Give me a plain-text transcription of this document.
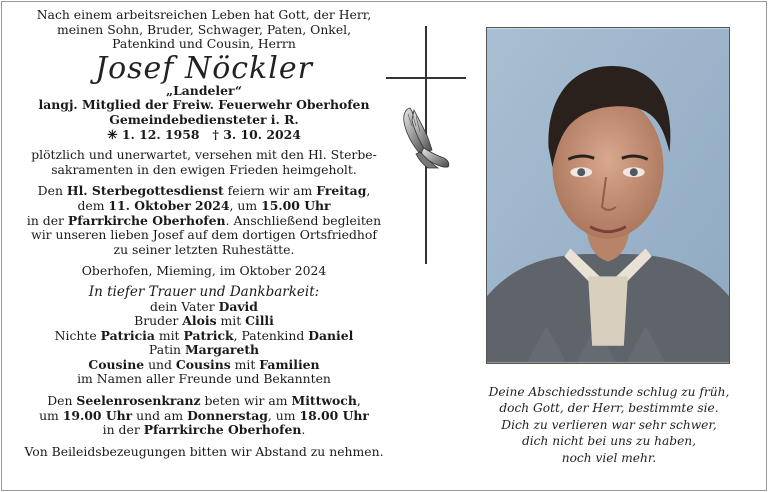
Nach einem arbeitsreichen Leben hat Gott, der Herr,

meinen Sohn, Bruder, Schwager, Paten, Onkel,

Patenkind und Cousin, Herrn

Josef Nöckler

„Landeler“

langj. Mitglied der Freiw. Feuerwehr Oberhofen

Gemeindebediensteter i. R.

✳ 1. 12. 1958 † 3. 10. 2024

plötzlich und unerwartet, versehen mit den Hl. Sterbe-

sakramenten in den ewigen Frieden heimgeholt.

Den Hl. Sterbegottesdienst feiern wir am Freitag,

dem 11. Oktober 2024, um 15.00 Uhr

in der Pfarrkirche Oberhofen. Anschließend begleiten

wir unseren lieben Josef auf dem dortigen Ortsfriedhof

zu seiner letzten Ruhestätte.

Oberhofen, Mieming, im Oktober 2024

In tiefer Trauer und Dankbarkeit:

dein Vater David

Bruder Alois mit Cilli

Nichte Patricia mit Patrick, Patenkind Daniel

Patin Margareth

Cousine und Cousins mit Familien

im Namen aller Freunde und Bekannten

Den Seelenrosenkranz beten wir am Mittwoch,

um 19.00 Uhr und am Donnerstag, um 18.00 Uhr

in der Pfarrkirche Oberhofen.

Von Beileidsbezeugungen bitten wir Abstand zu nehmen.

Deine Abschiedsstunde schlug zu früh,

doch Gott, der Herr, bestimmte sie.

Dich zu verlieren war sehr schwer,

dich nicht bei uns zu haben,

noch viel mehr.
